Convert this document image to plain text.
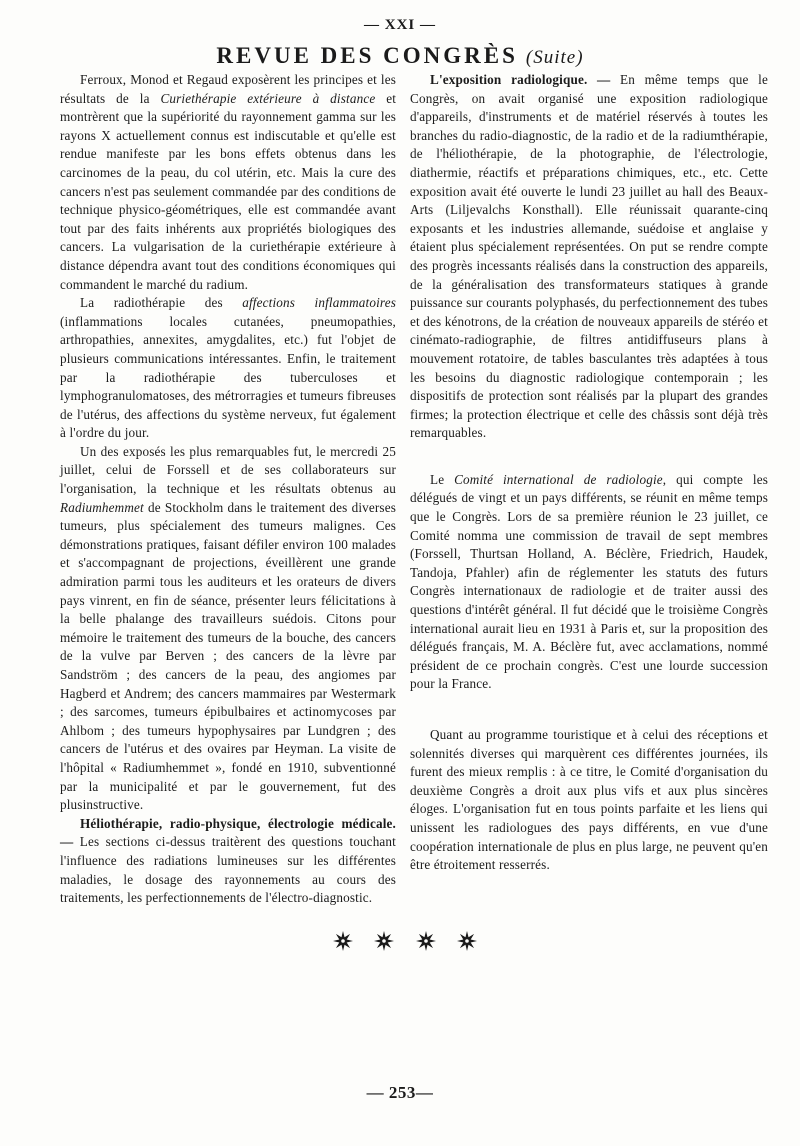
— XXI —
REVUE DES CONGRÈS (Suite)

Ferroux, Monod et Regaud exposèrent les principes et les résultats de la Curiethérapie extérieure à distance et montrèrent que la supériorité du rayonnement gamma sur les rayons X actuellement connus est indiscutable et qu'elle est rendue manifeste par les bons effets obtenus dans les carcinomes de la peau, du col utérin, etc. Mais la cure des cancers n'est pas seulement commandée par des conditions de technique physico-géométriques, elle est commandée avant tout par des faits inhérents aux propriétés biologiques des cancers. La vulgarisation de la curiethérapie extérieure à distance dépendra avant tout des conditions économiques qui commandent le marché du radium.

La radiothérapie des affections inflammatoires (inflammations locales cutanées, pneumopathies, arthropathies, annexites, amygdalites, etc.) fut l'objet de plusieurs communications intéressantes. Enfin, le traitement par la radiothérapie des tuberculoses et lymphogranulomatoses, des métrorragies et tumeurs fibreuses de l'utérus, des affections du système nerveux, fut également à l'ordre du jour.

Un des exposés les plus remarquables fut, le mercredi 25 juillet, celui de Forssell et de ses collaborateurs sur l'organisation, la technique et les résultats obtenus au Radiumhemmet de Stockholm dans le traitement des diverses tumeurs, plus spécialement des tumeurs malignes. Ces démonstrations pratiques, faisant défiler environ 100 malades et s'accompagnant de projections, éveillèrent une grande admiration parmi tous les auditeurs et les orateurs de divers pays vinrent, en fin de séance, présenter leurs félicitations à la belle phalange des travailleurs suédois. Citons pour mémoire le traitement des tumeurs de la bouche, des cancers de la vulve par Berven ; des cancers de la lèvre par Sandström ; des cancers de la peau, des angiomes par Hagberd et Andrem; des cancers mammaires par Westermark ; des sarcomes, tumeurs épibulbaires et actinomycoses par Ahlbom ; des tumeurs hypophysaires par Lundgren ; des cancers de l'utérus et des ovaires par Heyman. La visite de l'hôpital « Radiumhemmet », fondé en 1910, subventionné par la municipalité et par le gouvernement, fut des plusinstructive.

Héliothérapie, radio-physique, électrologie médicale. — Les sections ci-dessus traitèrent des questions touchant l'influence des radiations lumineuses sur les différentes maladies, le dosage des rayonnements au cours des traitements, les perfectionnements de l'électro-diagnostic.

L'exposition radiologique. — En même temps que le Congrès, on avait organisé une exposition radiologique d'appareils, d'instruments et de matériel réservés à toutes les branches du radio-diagnostic, de la radio et de la radiumthérapie, de l'héliothérapie, de la photographie, de l'électrologie, diathermie, réactifs et préparations chimiques, etc., etc. Cette exposition avait été ouverte le lundi 23 juillet au hall des Beaux-Arts (Liljevalchs Konsthall). Elle réunissait quarante-cinq exposants et les industries allemande, suédoise et anglaise y étaient plus spécialement représentées. On put se rendre compte des progrès incessants réalisés dans la construction des appareils, de la généralisation des transformateurs statiques à grande puissance sur courants polyphasés, du perfectionnement des tubes et des kénotrons, de la création de nouveaux appareils de stéréo et cinémato-radiographie, de filtres antidiffuseurs plans à mouvement rotatoire, de tables basculantes très adaptées à tous les besoins du diagnostic radiologique contemporain ; les dispositifs de protection sont réalisés par la plupart des grandes firmes; la protection électrique et celle des châssis sont déjà très remarquables.

Le Comité international de radiologie, qui compte les délégués de vingt et un pays différents, se réunit en même temps que le Congrès. Lors de sa première réunion le 23 juillet, ce Comité nomma une commission de travail de sept membres (Forssell, Thurtsan Holland, A. Béclère, Friedrich, Haudek, Tandoja, Pfahler) afin de réglementer les statuts des futurs Congrès internationaux de radiologie et de traiter aussi des questions d'intérêt général. Il fut décidé que le troisième Congrès international aurait lieu en 1931 à Paris et, sur la proposition des délégués français, M. A. Béclère fut, avec acclamations, nommé président de ce prochain congrès. C'est une lourde succession pour la France.

Quant au programme touristique et à celui des réceptions et solennités diverses qui marquèrent ces différentes journées, ils furent des mieux remplis : à ce titre, le Comité d'organisation du deuxième Congrès a droit aux plus vifs et aux plus sincères éloges. L'organisation fut en tous points parfaite et les liens qui unissent les radiologues des pays différents, en vue d'une coopération internationale de plus en plus large, ne peuvent qu'en être étroitement resserrés.

— 253—
